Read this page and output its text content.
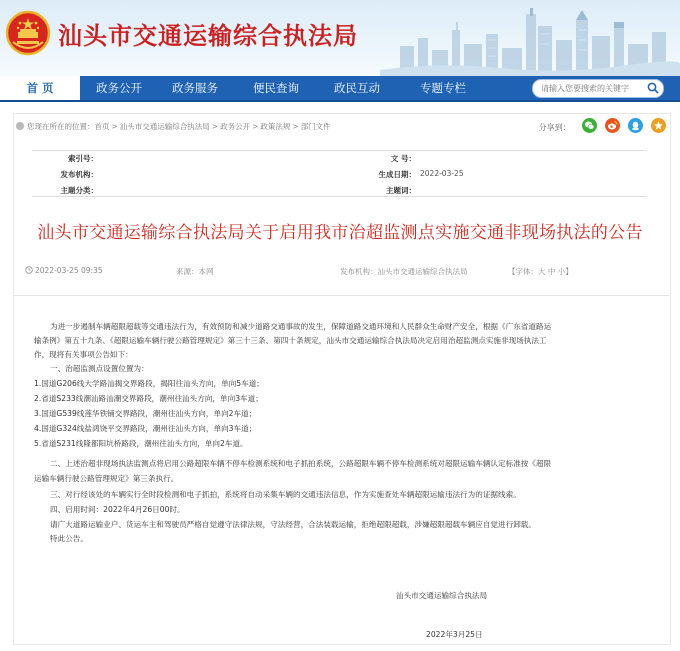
汕头市交通运输综合执法局
首 页	政务公开	政务服务	便民查询	政民互动	专题专栏
请输入您要搜索的关键字
您现在所在的位置：首页 > 汕头市交通运输综合执法局 > 政务公开 > 政策法规 > 部门文件	分享到：

索引号：	文 号：
发布机构：	生成日期： 2022-03-25
主题分类：	主题词：
汕头市交通运输综合执法局关于启用我市治超监测点实施交通非现场执法的公告
2022-03-25 09:35	来源：本网	发布机构：汕头市交通运输综合执法局	【字体：大 中 小】
为进一步遏制车辆超限超载等交通违法行为，有效预防和减少道路交通事故的发生，保障道路交通环境和人民群众生命财产安全，根据《广东省道路运
输条例》第五十九条、《超限运输车辆行驶公路管理规定》第三十三条、第四十条规定，汕头市交通运输综合执法局决定启用治超监测点实施非现场执法工
作，现将有关事项公告如下：
一、治超监测点设置位置为：
1.国道G206线大学路汕揭交界路段，揭阳往汕头方向，单向5车道；
2.省道S233线潮汕路汕潮交界路段，潮州往汕头方向，单向3车道；
3.国道G539线莲华铁铺交界路段，潮州往汕头方向，单向2车道；
4.国道G324线盐鸿饶平交界路段，潮州往汕头方向，单向3车道；
5.省道S231线隆都阳坑桥路段，潮州往汕头方向，单向2车道。
二、上述治超非现场执法监测点将启用公路超限车辆不停车检测系统和电子抓拍系统，公路超限车辆不停车检测系统对超限运输车辆认定标准按《超限
运输车辆行驶公路管理规定》第三条执行。
三、对行经该处的车辆实行全时段检测和电子抓拍，系统将自动采集车辆的交通违法信息，作为实施查处车辆超限运输违法行为的证据线索。
四、启用时间：2022年4月26日00时。
请广大道路运输业户、货运车主和驾驶员严格自觉遵守法律法规，守法经营，合法装载运输，拒绝超限超载，涉嫌超限超载车辆应自觉进行卸载。
特此公告。
汕头市交通运输综合执法局
2022年3月25日
